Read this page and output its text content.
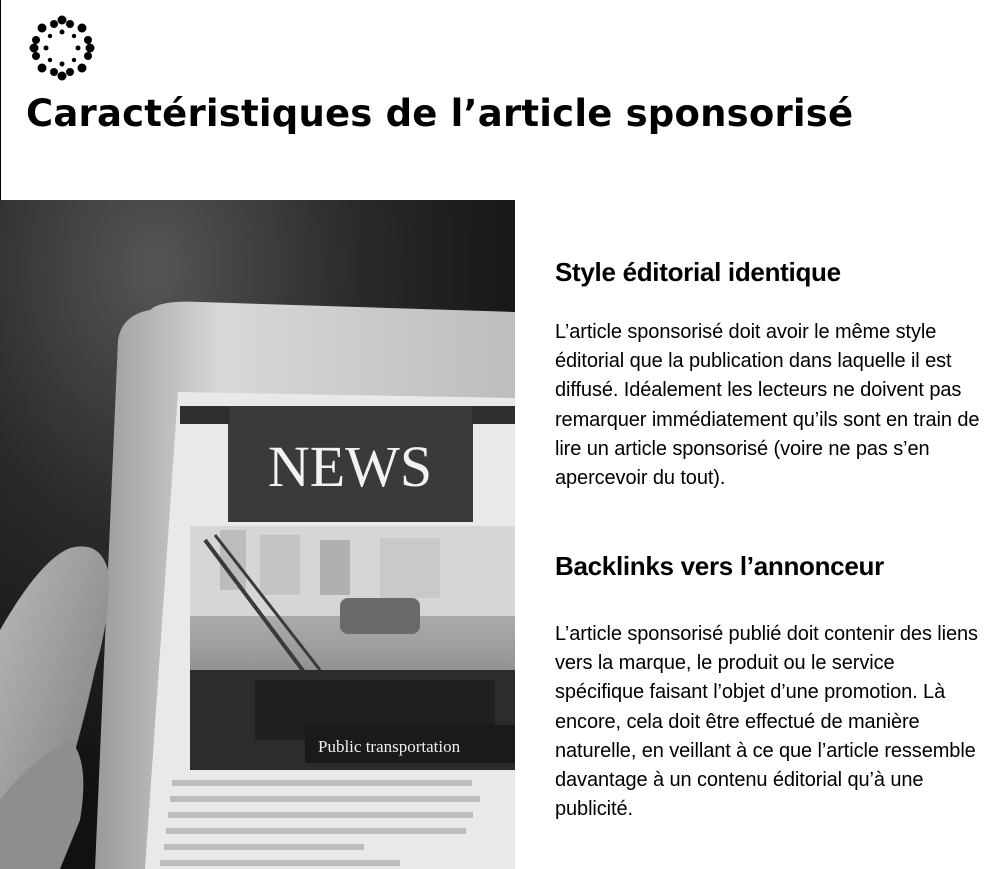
Caractéristiques de l’article sponsorisé
NEWS
Public transportation
Style éditorial identique

L’article sponsorisé doit avoir le même style éditorial que la publication dans laquelle il est diffusé. Idéalement les lecteurs ne doivent pas remarquer immédiatement qu’ils sont en train de lire un article sponsorisé (voire ne pas s’en apercevoir du tout).

Backlinks vers l’annonceur

L’article sponsorisé publié doit contenir des liens vers la marque, le produit ou le service spécifique faisant l’objet d’une promotion. Là encore, cela doit être effectué de manière naturelle, en veillant à ce que l’article ressemble davantage à un contenu éditorial qu’à une publicité.
